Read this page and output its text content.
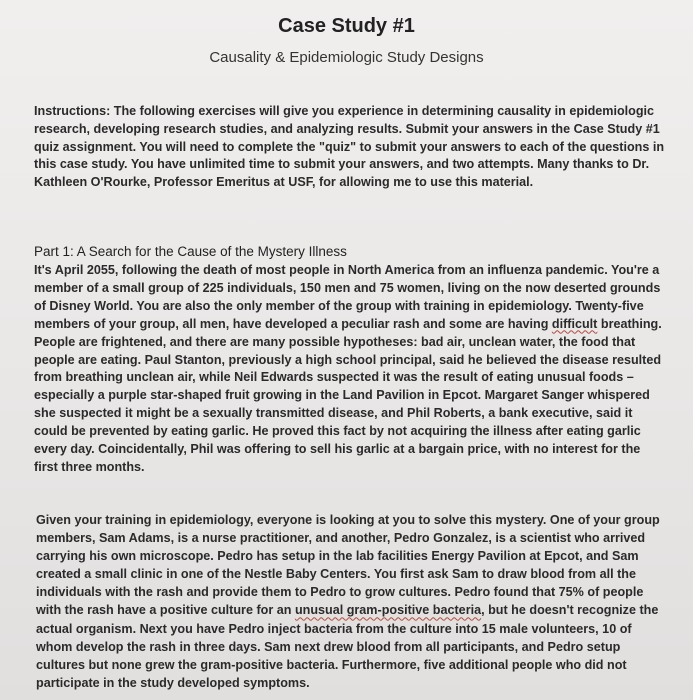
Case Study #1
Causality & Epidemiologic Study Designs

Instructions: The following exercises will give you experience in determining causality in epidemiologic research, developing research studies, and analyzing results. Submit your answers in the Case Study #1 quiz assignment. You will need to complete the "quiz" to submit your answers to each of the questions in this case study. You have unlimited time to submit your answers, and two attempts. Many thanks to Dr. Kathleen O'Rourke, Professor Emeritus at USF, for allowing me to use this material.

Part 1: A Search for the Cause of the Mystery Illness

It's April 2055, following the death of most people in North America from an influenza pandemic. You're a member of a small group of 225 individuals, 150 men and 75 women, living on the now deserted grounds of Disney World. You are also the only member of the group with training in epidemiology. Twenty-five members of your group, all men, have developed a peculiar rash and some are having difficult breathing. People are frightened, and there are many possible hypotheses: bad air, unclean water, the food that people are eating. Paul Stanton, previously a high school principal, said he believed the disease resulted from breathing unclean air, while Neil Edwards suspected it was the result of eating unusual foods – especially a purple star-shaped fruit growing in the Land Pavilion in Epcot. Margaret Sanger whispered she suspected it might be a sexually transmitted disease, and Phil Roberts, a bank executive, said it could be prevented by eating garlic. He proved this fact by not acquiring the illness after eating garlic every day. Coincidentally, Phil was offering to sell his garlic at a bargain price, with no interest for the first three months.

Given your training in epidemiology, everyone is looking at you to solve this mystery. One of your group members, Sam Adams, is a nurse practitioner, and another, Pedro Gonzalez, is a scientist who arrived carrying his own microscope. Pedro has setup in the lab facilities Energy Pavilion at Epcot, and Sam created a small clinic in one of the Nestle Baby Centers. You first ask Sam to draw blood from all the individuals with the rash and provide them to Pedro to grow cultures. Pedro found that 75% of people with the rash have a positive culture for an unusual gram-positive bacteria, but he doesn't recognize the actual organism. Next you have Pedro inject bacteria from the culture into 15 male volunteers, 10 of whom develop the rash in three days. Sam next drew blood from all participants, and Pedro setup cultures but none grew the gram-positive bacteria. Furthermore, five additional people who did not participate in the study developed symptoms.
